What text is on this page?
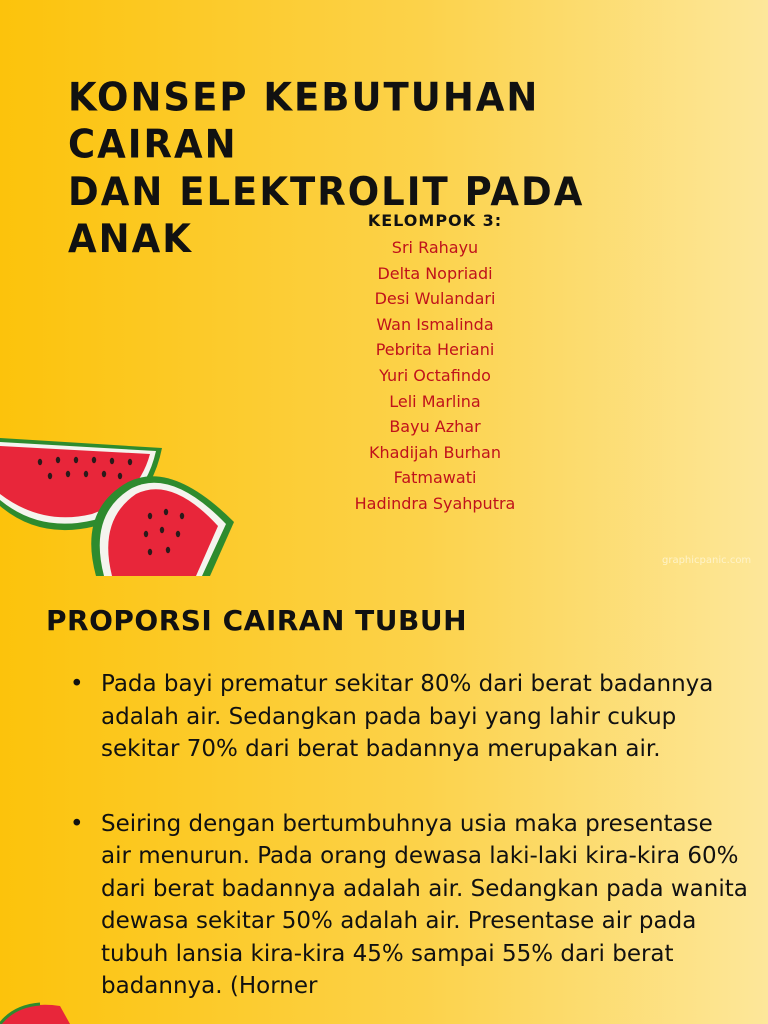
KONSEP KEBUTUHAN CAIRAN
DAN ELEKTROLIT PADA ANAK	KELOMPOK 3:
Sri Rahayu
Delta Nopriadi
Desi Wulandari
Wan Ismalinda
Pebrita Heriani
Yuri Octafindo
Leli Marlina
Bayu Azhar
Khadijah Burhan
Fatmawati
Hadindra Syahputra
graphicpanic.com
PROPORSI CAIRAN TUBUH
• Pada bayi prematur sekitar 80% dari berat badannya adalah air. Sedangkan pada bayi yang lahir cukup sekitar 70% dari berat badannya merupakan air.
• Seiring dengan bertumbuhnya usia maka presentase air menurun. Pada orang dewasa laki-laki kira-kira 60% dari berat badannya adalah air. Sedangkan pada wanita dewasa sekitar 50% adalah air. Presentase air pada tubuh lansia kira-kira 45% sampai 55% dari berat badannya. (Horner
